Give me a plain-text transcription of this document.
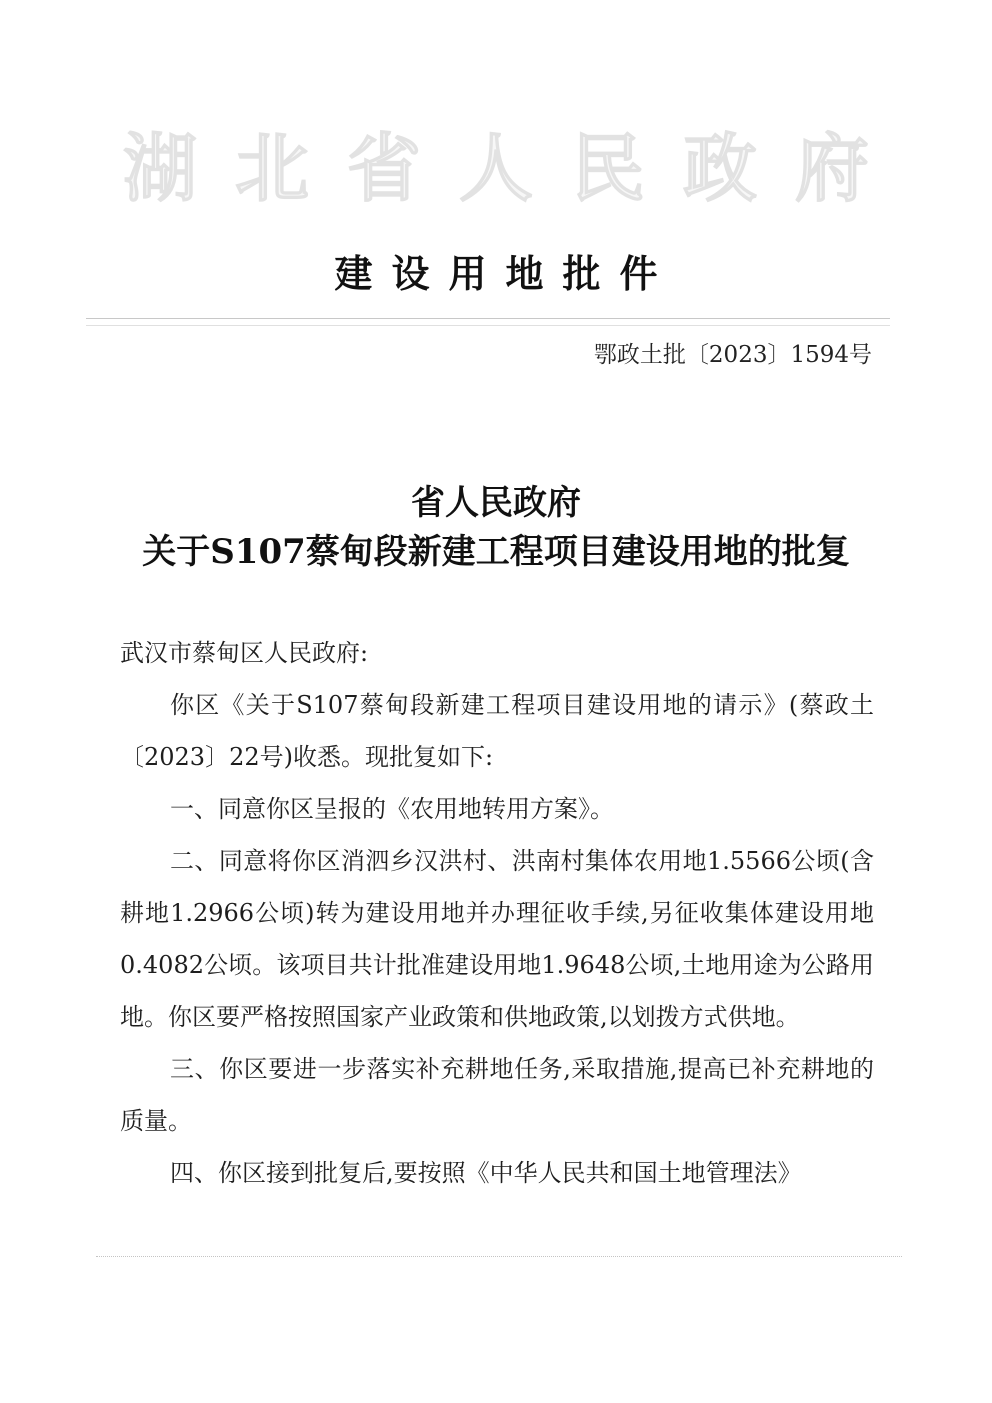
湖北省人民政府
建设用地批件
鄂政土批〔2023〕1594号
省人民政府
关于S107蔡甸段新建工程项目建设用地的批复

武汉市蔡甸区人民政府:

你区《关于S107蔡甸段新建工程项目建设用地的请示》(蔡政土〔2023〕22号)收悉。现批复如下:

一、同意你区呈报的《农用地转用方案》。

二、同意将你区消泗乡汉洪村、洪南村集体农用地1.5566公顷(含耕地1.2966公顷)转为建设用地并办理征收手续,另征收集体建设用地0.4082公顷。该项目共计批准建设用地1.9648公顷,土地用途为公路用地。你区要严格按照国家产业政策和供地政策,以划拨方式供地。

三、你区要进一步落实补充耕地任务,采取措施,提高已补充耕地的质量。

四、你区接到批复后,要按照《中华人民共和国土地管理法》
